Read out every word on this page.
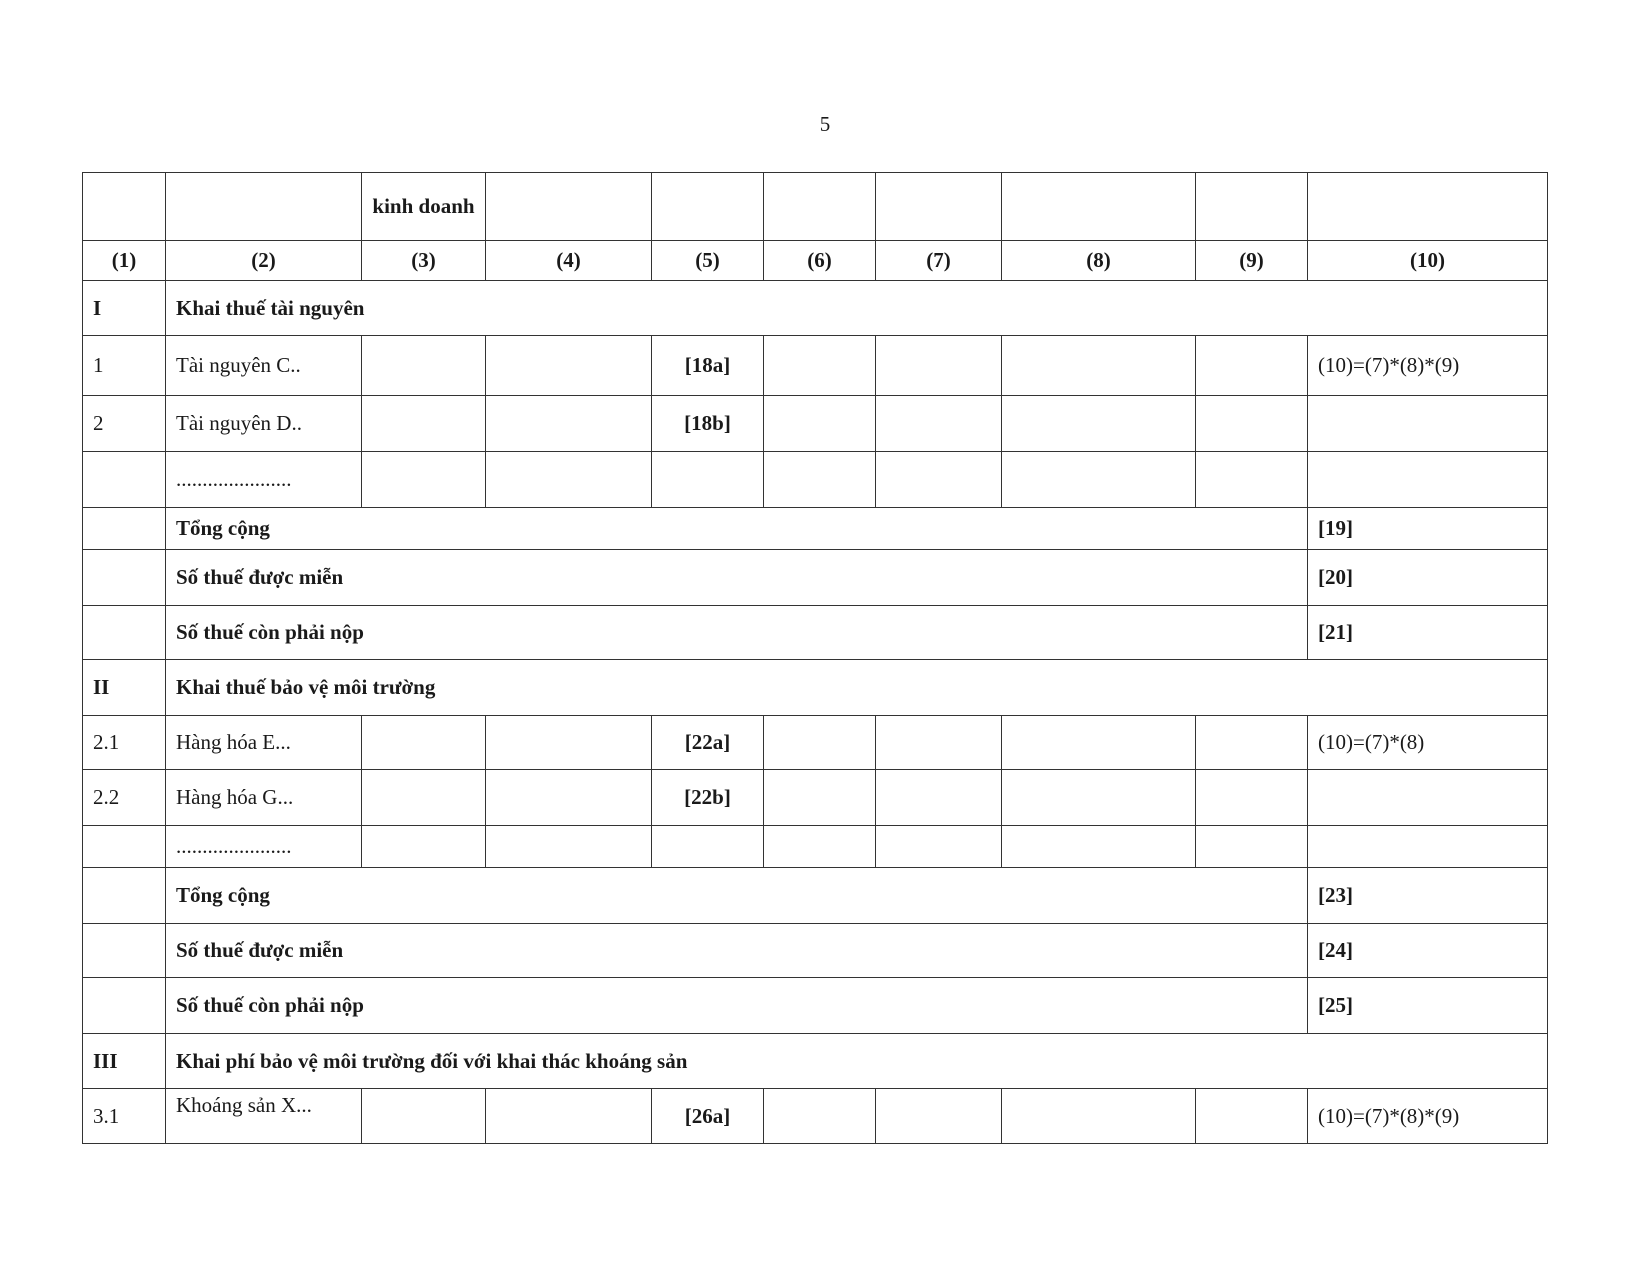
5
		kinh doanh							
(1)	(2)	(3)	(4)	(5)	(6)	(7)	(8)	(9)	(10)
I	Khai thuế tài nguyên								
1	Tài nguyên C..			[18a]					(10)=(7)*(8)*(9)
2	Tài nguyên D..			[18b]					
	......................								
	Tổng cộng								[19]
	Số thuế được miễn								[20]
	Số thuế còn phải nộp								[21]
II	Khai thuế bảo vệ môi trường								
2.1	Hàng hóa E...			[22a]					(10)=(7)*(8)
2.2	Hàng hóa G...			[22b]					
	......................								
	Tổng cộng								[23]
	Số thuế được miễn								[24]
	Số thuế còn phải nộp								[25]
III	Khai phí bảo vệ môi trường đối với khai thác khoáng sản								
3.1	Khoáng sản X...			[26a]					(10)=(7)*(8)*(9)
